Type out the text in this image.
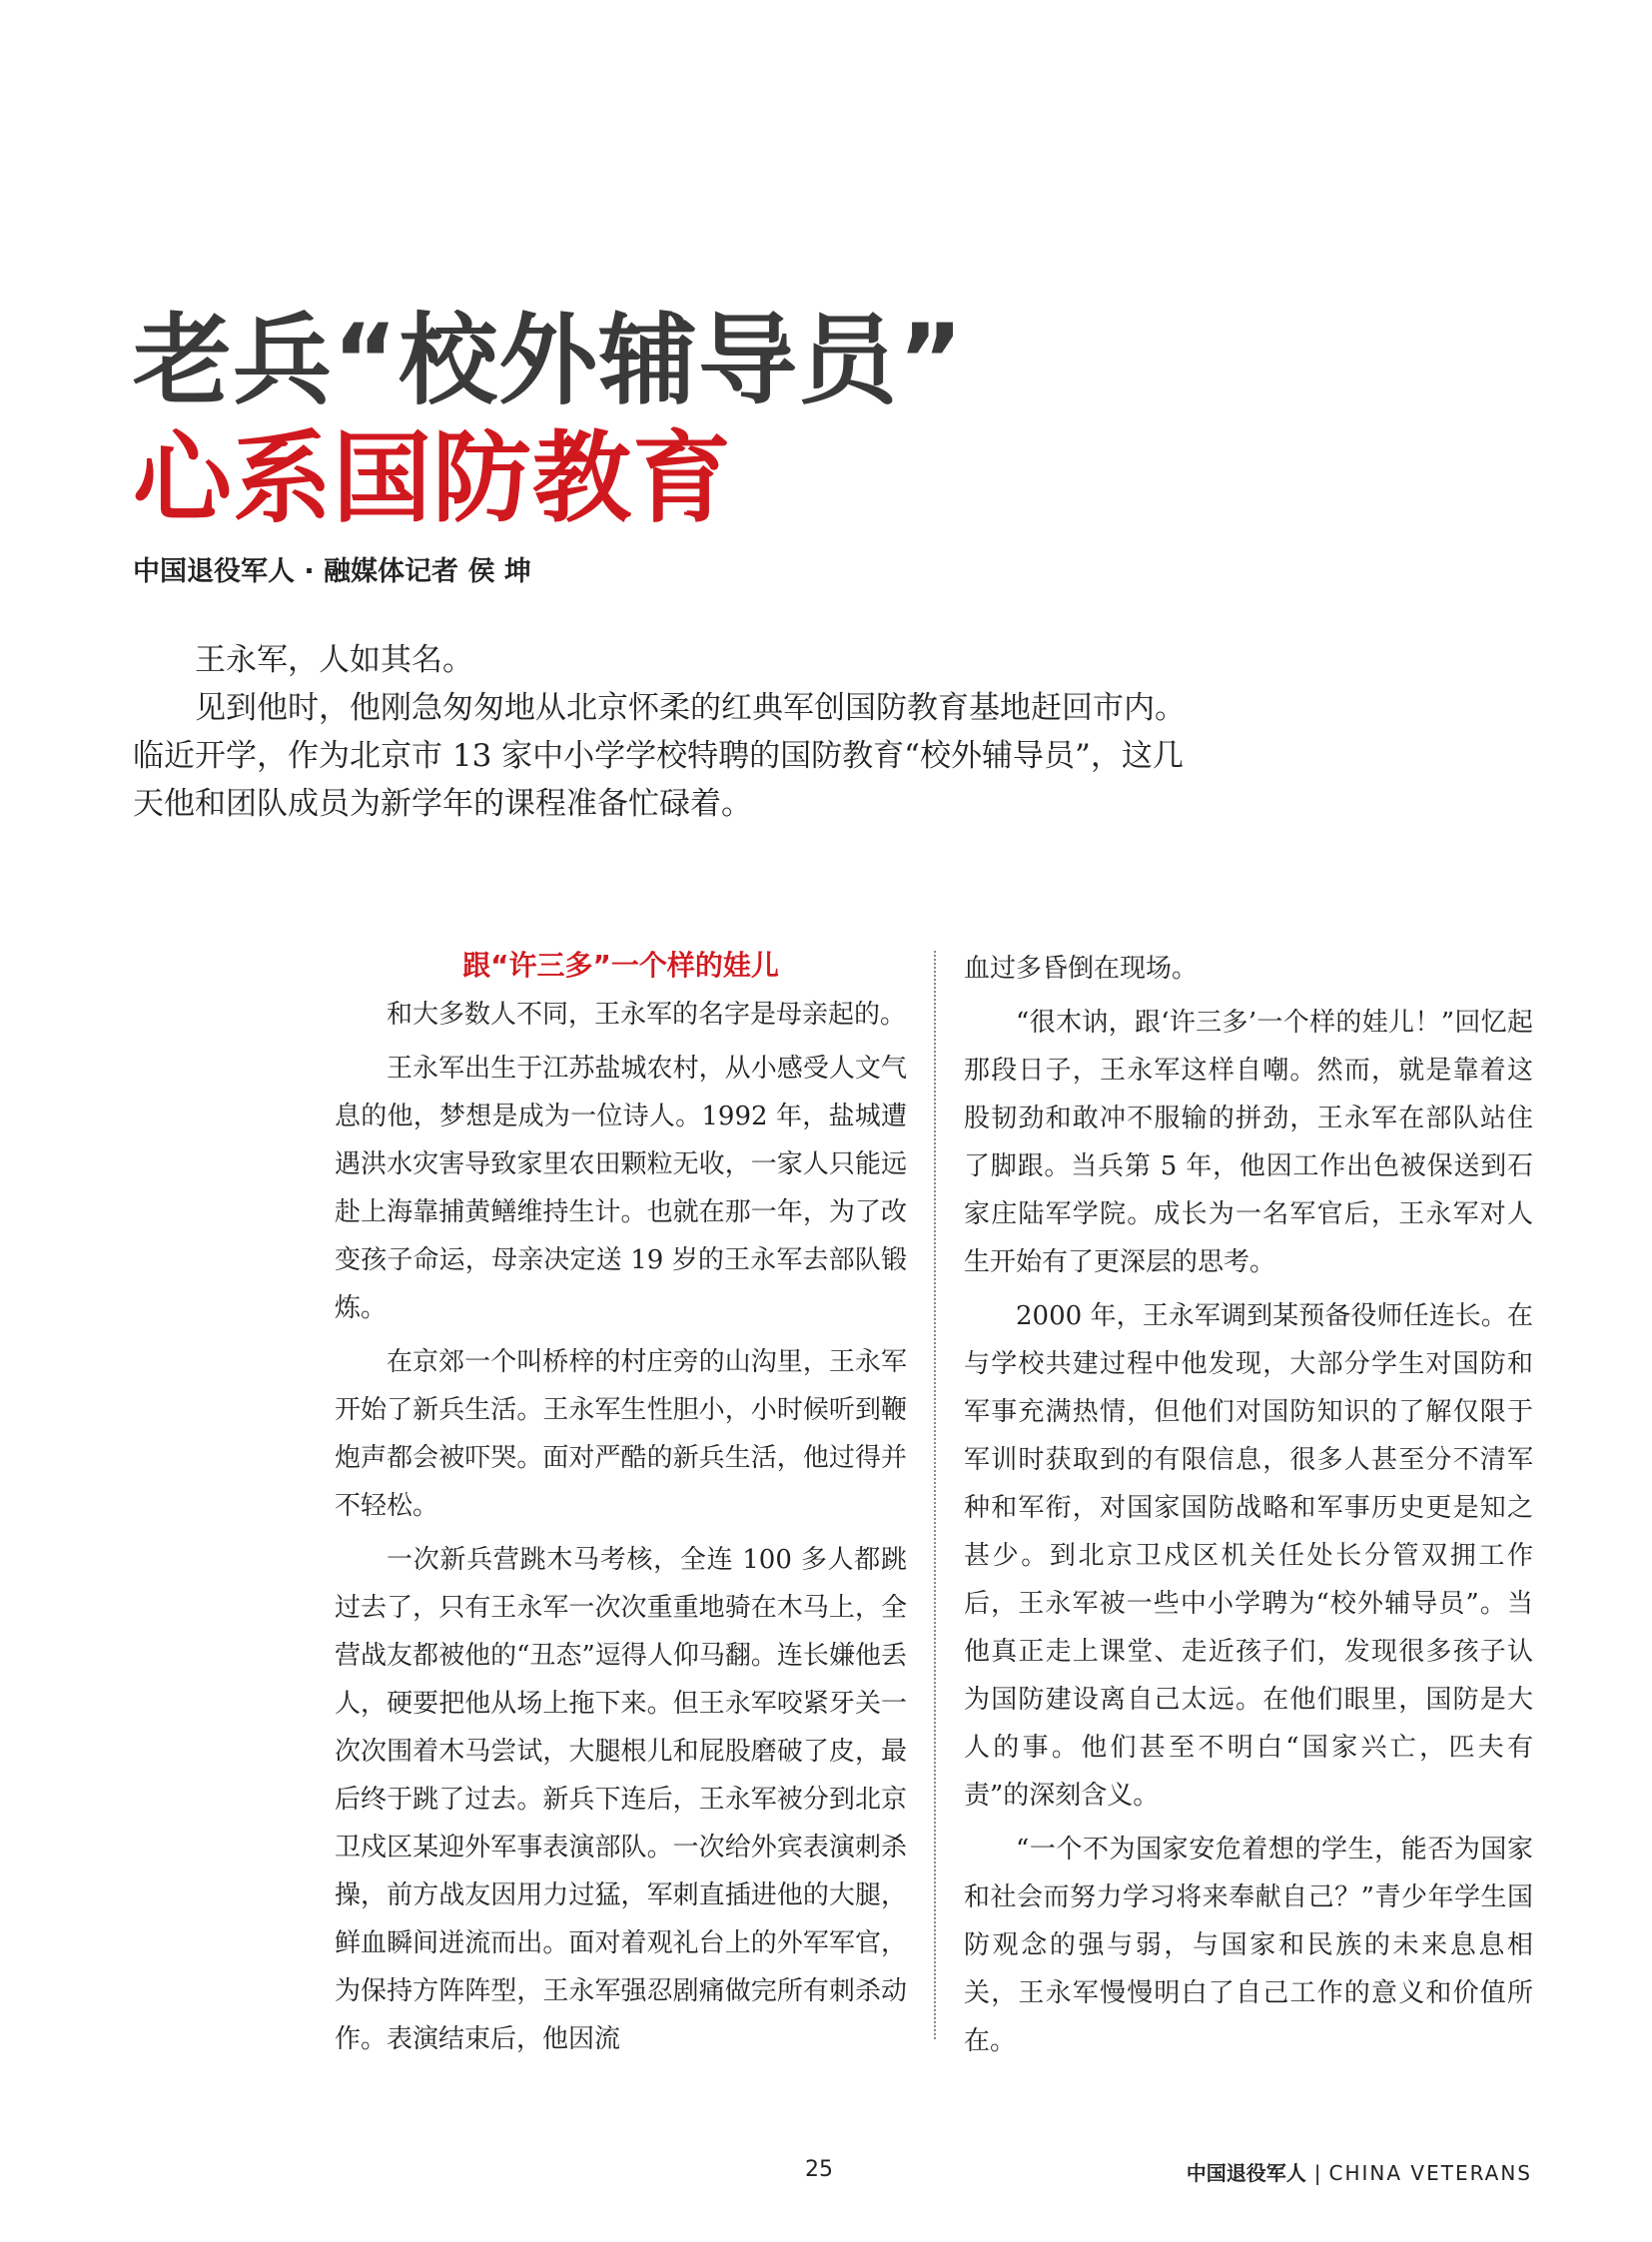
老兵“校外辅导员”
心系国防教育
中国退役军人 · 融媒体记者 侯 坤

王永军，人如其名。

见到他时，他刚急匆匆地从北京怀柔的红典军创国防教育基地赶回市内。临近开学，作为北京市 13 家中小学学校特聘的国防教育“校外辅导员”，这几天他和团队成员为新学年的课程准备忙碌着。

跟“许三多”一个样的娃儿

和大多数人不同，王永军的名字是母亲起的。

王永军出生于江苏盐城农村，从小感受人文气息的他，梦想是成为一位诗人。1992 年，盐城遭遇洪水灾害导致家里农田颗粒无收，一家人只能远赴上海靠捕黄鳝维持生计。也就在那一年，为了改变孩子命运，母亲决定送 19 岁的王永军去部队锻炼。

在京郊一个叫桥梓的村庄旁的山沟里，王永军开始了新兵生活。王永军生性胆小，小时候听到鞭炮声都会被吓哭。面对严酷的新兵生活，他过得并不轻松。

一次新兵营跳木马考核，全连 100 多人都跳过去了，只有王永军一次次重重地骑在木马上，全营战友都被他的“丑态”逗得人仰马翻。连长嫌他丢人，硬要把他从场上拖下来。但王永军咬紧牙关一次次围着木马尝试，大腿根儿和屁股磨破了皮，最后终于跳了过去。新兵下连后，王永军被分到北京卫戍区某迎外军事表演部队。一次给外宾表演刺杀操，前方战友因用力过猛，军刺直插进他的大腿，鲜血瞬间迸流而出。面对着观礼台上的外军军官，为保持方阵阵型，王永军强忍剧痛做完所有刺杀动作。表演结束后，他因流

血过多昏倒在现场。

“很木讷，跟‘许三多’一个样的娃儿！”回忆起那段日子，王永军这样自嘲。然而，就是靠着这股韧劲和敢冲不服输的拼劲，王永军在部队站住了脚跟。当兵第 5 年，他因工作出色被保送到石家庄陆军学院。成长为一名军官后，王永军对人生开始有了更深层的思考。

2000 年，王永军调到某预备役师任连长。在与学校共建过程中他发现，大部分学生对国防和军事充满热情，但他们对国防知识的了解仅限于军训时获取到的有限信息，很多人甚至分不清军种和军衔，对国家国防战略和军事历史更是知之甚少。到北京卫戍区机关任处长分管双拥工作后，王永军被一些中小学聘为“校外辅导员”。当他真正走上课堂、走近孩子们，发现很多孩子认为国防建设离自己太远。在他们眼里，国防是大人的事。他们甚至不明白“国家兴亡，匹夫有责”的深刻含义。

“一个不为国家安危着想的学生，能否为国家和社会而努力学习将来奉献自己？”青少年学生国防观念的强与弱，与国家和民族的未来息息相关，王永军慢慢明白了自己工作的意义和价值所在。

25	中国退役军人 | CHINA VETERANS
